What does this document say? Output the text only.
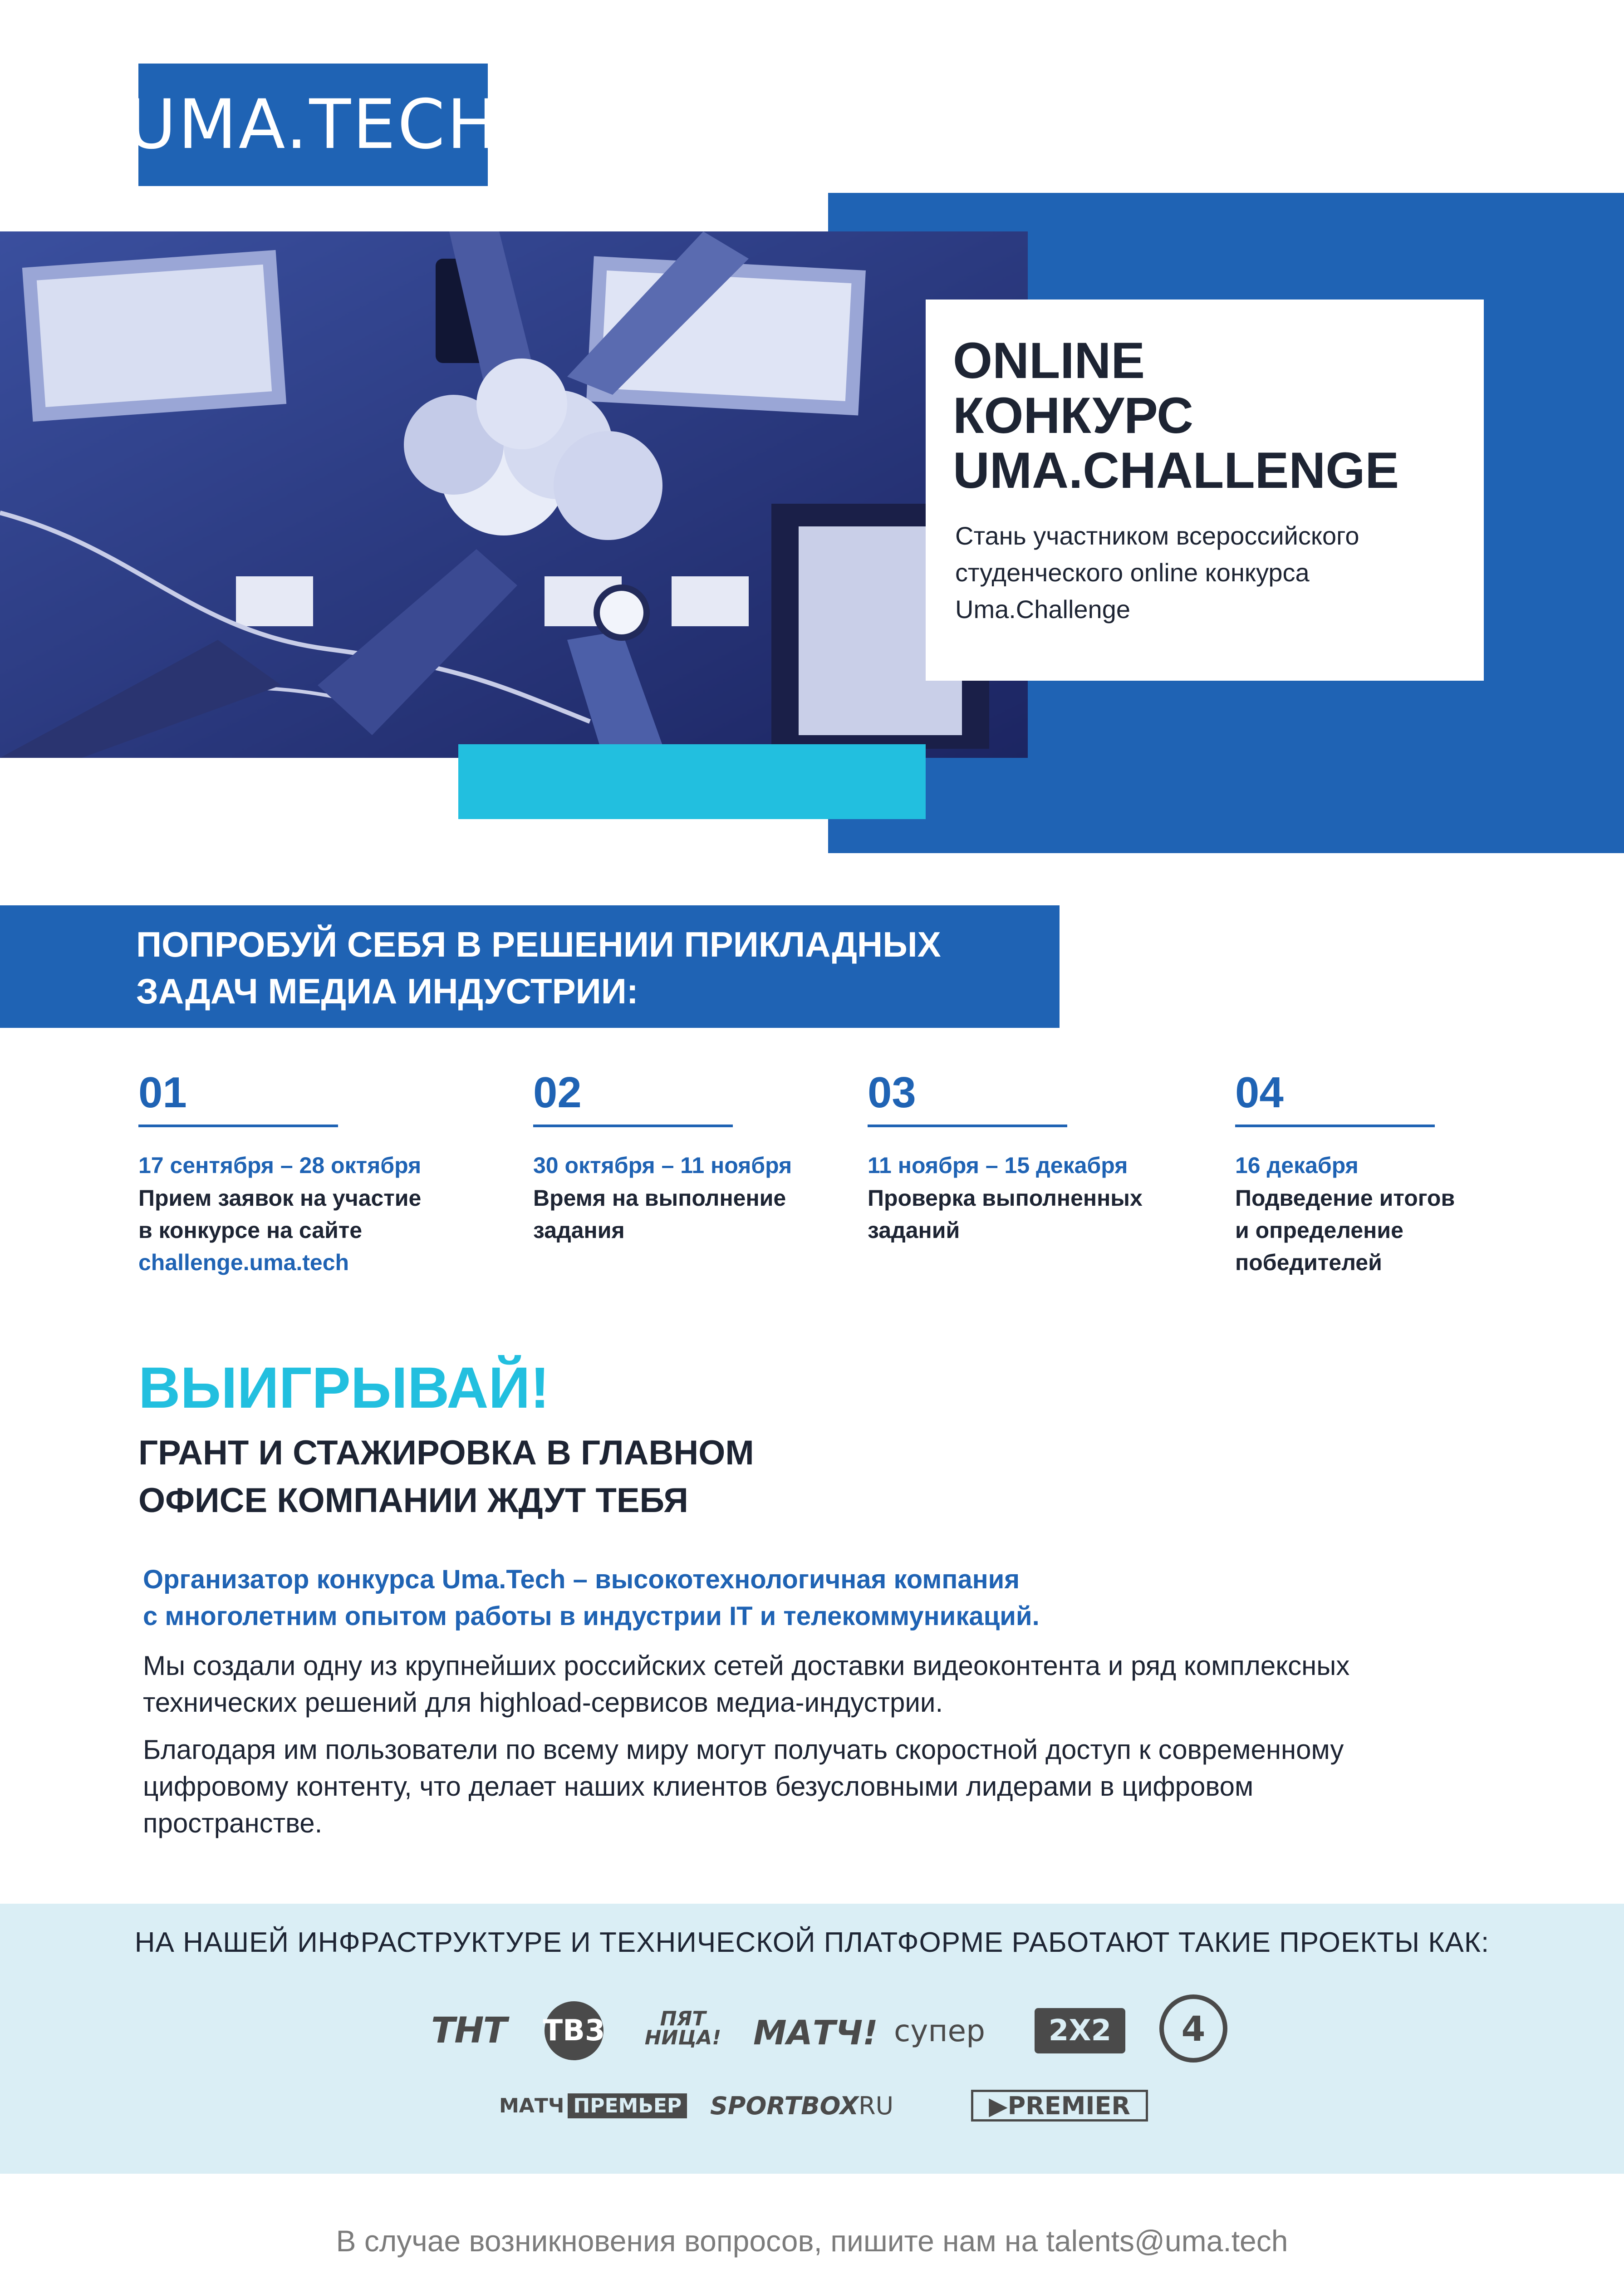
UMA.TECH
ONLINE
КОНКУРС
UMA.CHALLENGE
Стань участником всероссийского
студенческого online конкурса
Uma.Challenge
ПОПРОБУЙ СЕБЯ В РЕШЕНИИ ПРИКЛАДНЫХ
ЗАДАЧ МЕДИА ИНДУСТРИИ:
01
17 сентября – 28 октября
Прием заявок на участие
в конкурсе на сайте
challenge.uma.tech
02
30 октября – 11 ноября
Время на выполнение
задания
03
11 ноября – 15 декабря
Проверка выполненных
заданий
04
16 декабря
Подведение итогов
и определение
победителей
ВЫИГРЫВАЙ!
ГРАНТ И СТАЖИРОВКА В ГЛАВНОМ
ОФИСЕ КОМПАНИИ ЖДУТ ТЕБЯ
Организатор конкурса Uma.Tech – высокотехнологичная компания
с многолетним опытом работы в индустрии IT и телекоммуникаций.
Мы создали одну из крупнейших российских сетей доставки видеоконтента и ряд комплексных
технических решений для highload-сервисов медиа-индустрии.
Благодаря им пользователи по всему миру могут получать скоростной доступ к современному
цифровому контенту, что делает наших клиентов безусловными лидерами в цифровом
пространстве.
НА НАШЕЙ ИНФРАСТРУКТУРЕ И ТЕХНИЧЕСКОЙ ПЛАТФОРМЕ РАБОТАЮТ ТАКИЕ ПРОЕКТЫ КАК:
ТНТ ТВ3	ПЯТ
НИЦА! МАТЧ! супер	2X2	4
МАТЧ ПРЕМЬЕР SPORTBOX RU	▶PREMIER
В случае возникновения вопросов, пишите нам на talents@uma.tech
